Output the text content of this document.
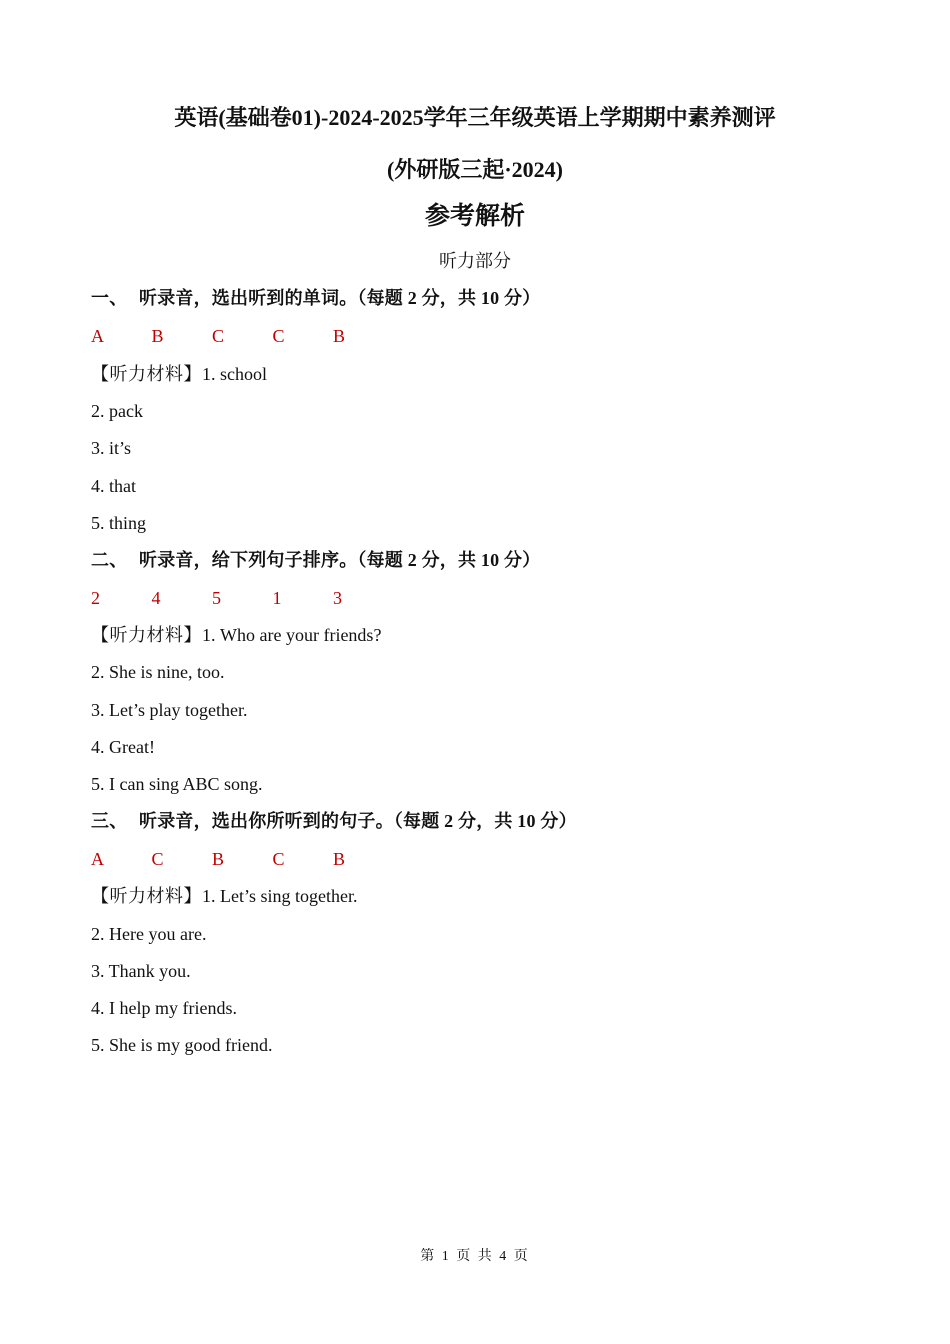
英语(基础卷01)-2024-2025学年三年级英语上学期期中素养测评
(外研版三起·2024)
参考解析
听力部分
一、 听录音，选出听到的单词。（每题 2 分，共 10 分）
A	B	C	C	B
【听力材料】1. school
2. pack
3. it’s
4. that
5. thing
二、 听录音，给下列句子排序。（每题 2 分，共 10 分）
2	4	5	1	3
【听力材料】1. Who are your friends?
2. She is nine, too.
3. Let’s play together.
4. Great!
5. I can sing ABC song.
三、 听录音，选出你所听到的句子。（每题 2 分，共 10 分）
A	C	B	C	B
【听力材料】1. Let’s sing together.
2. Here you are.
3. Thank you.
4. I help my friends.
5. She is my good friend.
第 1 页 共 4 页
